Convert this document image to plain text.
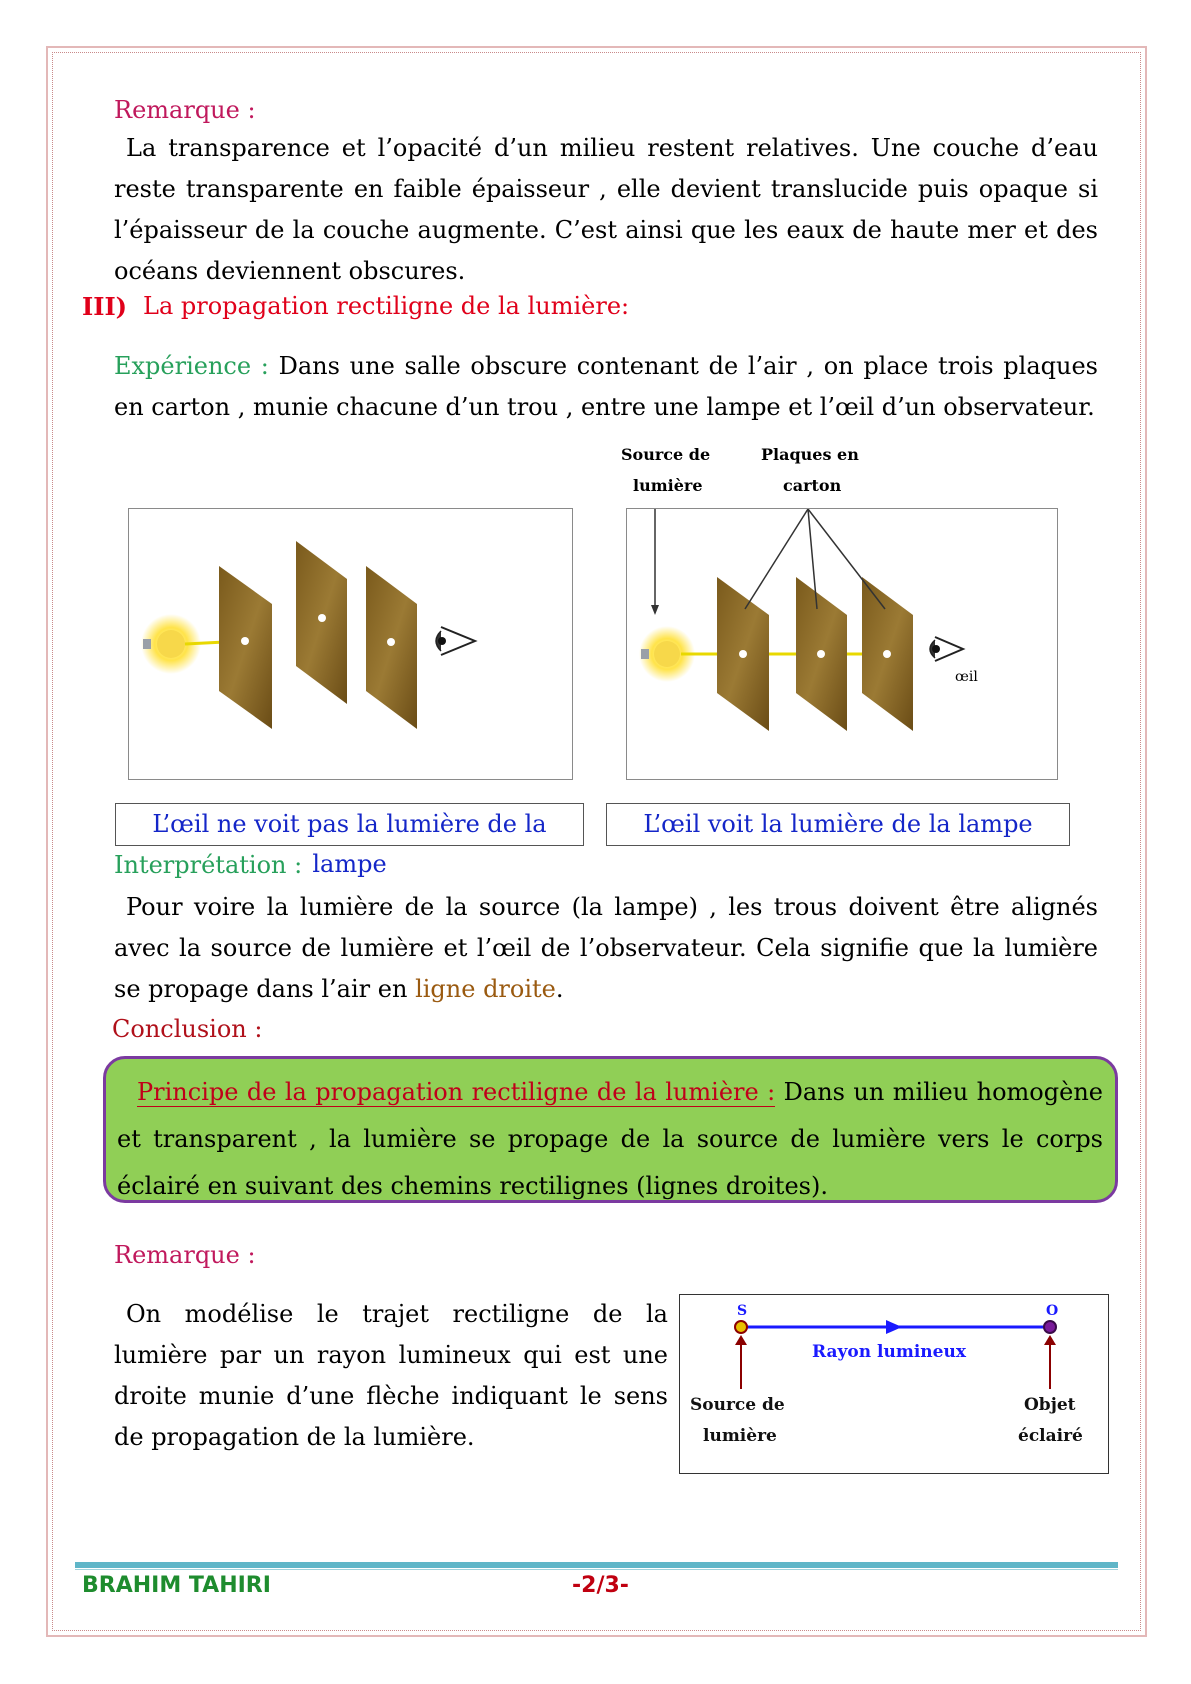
Remarque :
La transparence et l’opacité d’un milieu restent relatives. Une couche d’eau reste transparente en faible épaisseur , elle devient translucide puis opaque si l’épaisseur de la couche augmente. C’est ainsi que les eaux de haute mer et des océans deviennent obscures.
III) La propagation rectiligne de la lumière:
Expérience : Dans une salle obscure contenant de l’air , on place trois plaques en carton , munie chacune d’un trou , entre une lampe et l’œil d’un observateur.
Source de
lumière
Plaques en
carton
œil
L’œil ne voit pas la lumière de la lampe
L’œil voit la lumière de la lampe
Interprétation :
Pour voire la lumière de la source (la lampe) , les trous doivent être alignés avec la source de lumière et l’œil de l’observateur. Cela signifie que la lumière se propage dans l’air en ligne droite.
Conclusion :
Principe de la propagation rectiligne de la lumière : Dans un milieu homogène et transparent , la lumière se propage de la source de lumière vers le corps éclairé en suivant des chemins rectilignes (lignes droites).
Remarque :
On modélise le trajet rectiligne de la lumière par un rayon lumineux qui est une droite munie d’une flèche indiquant le sens de propagation de la lumière.
S	O
Rayon lumineux
Source de
lumière
Objet
éclairé
BRAHIM TAHIRI	-2/3-
